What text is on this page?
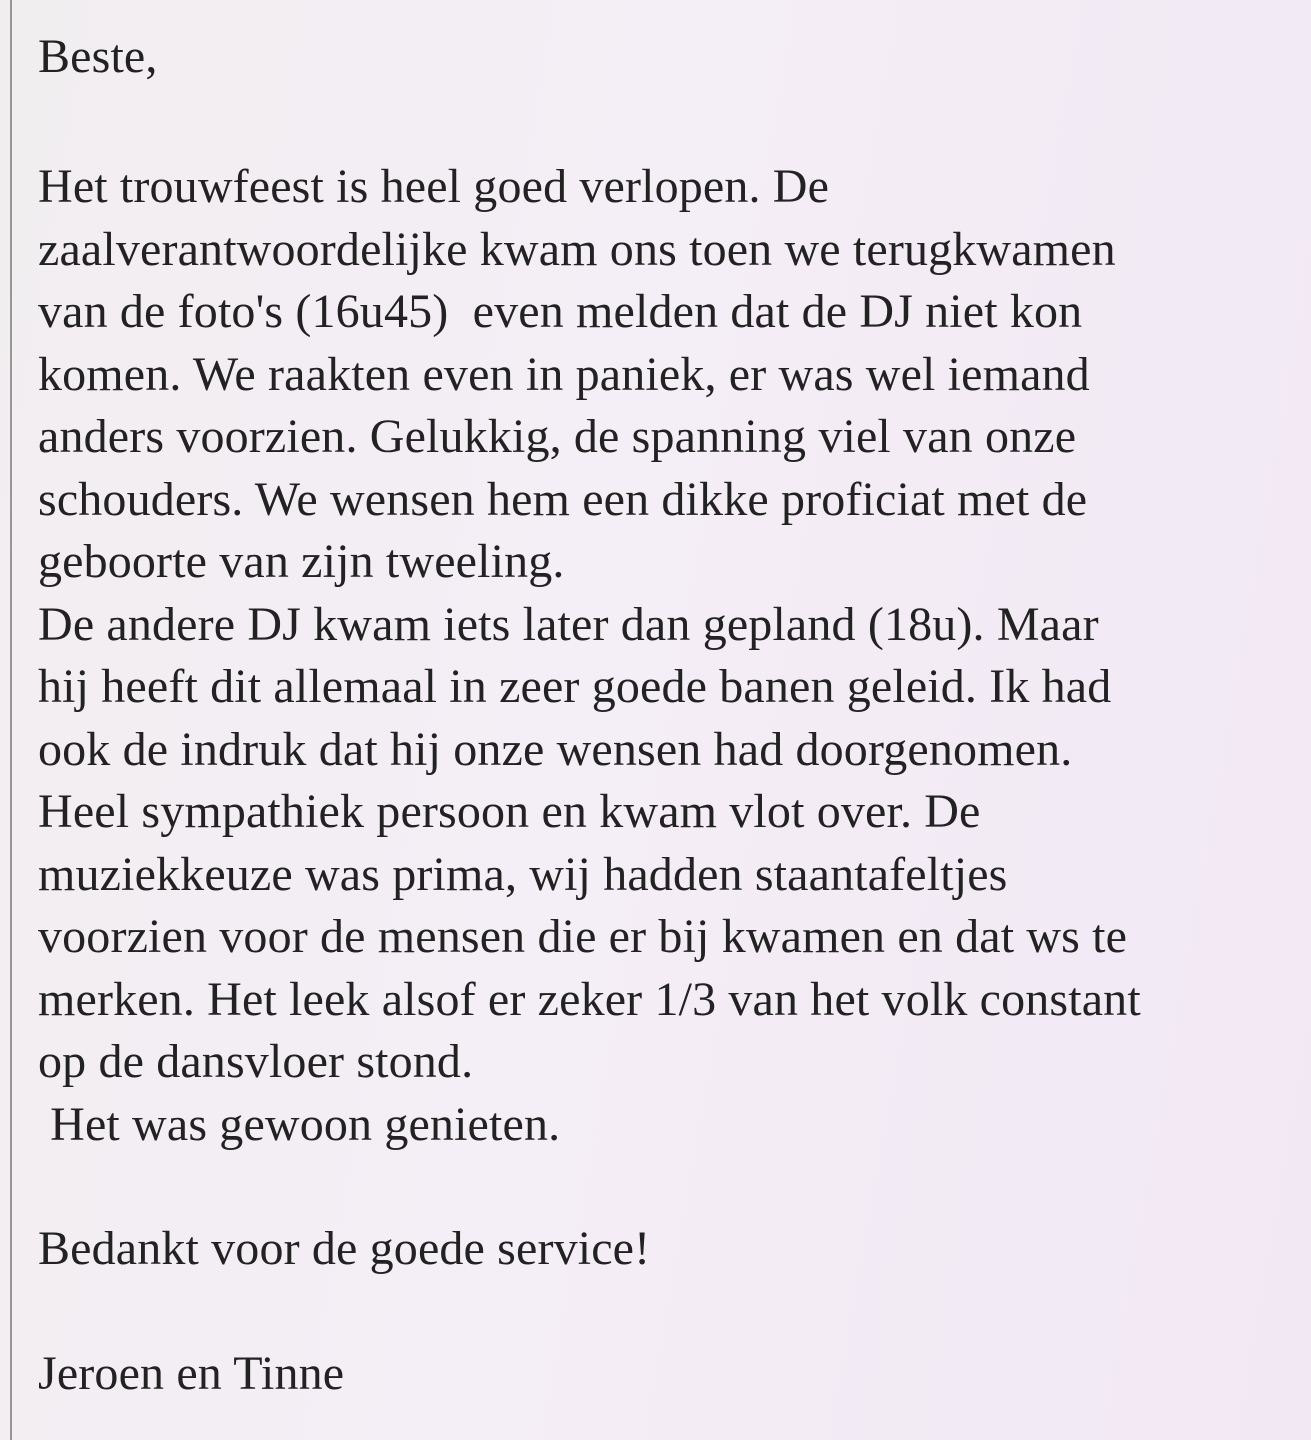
Beste,
Het trouwfeest is heel goed verlopen. De
zaalverantwoordelijke kwam ons toen we terugkwamen
van de foto's (16u45)  even melden dat de DJ niet kon
komen. We raakten even in paniek, er was wel iemand
anders voorzien. Gelukkig, de spanning viel van onze
schouders. We wensen hem een dikke proficiat met de
geboorte van zijn tweeling.
De andere DJ kwam iets later dan gepland (18u). Maar
hij heeft dit allemaal in zeer goede banen geleid. Ik had
ook de indruk dat hij onze wensen had doorgenomen.
Heel sympathiek persoon en kwam vlot over. De
muziekkeuze was prima, wij hadden staantafeltjes
voorzien voor de mensen die er bij kwamen en dat ws te
merken. Het leek alsof er zeker 1/3 van het volk constant
op de dansvloer stond.
Het was gewoon genieten.
Bedankt voor de goede service!
Jeroen en Tinne
